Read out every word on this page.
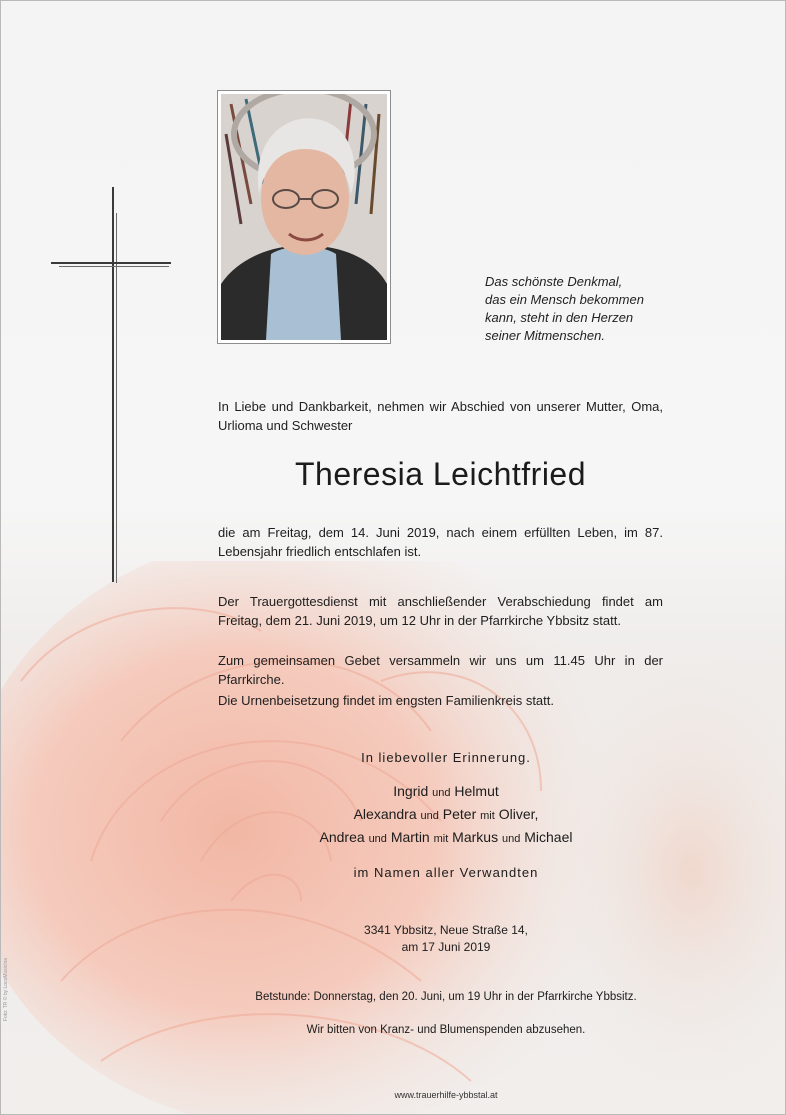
Das schönste Denkmal,
das ein Mensch bekommen
kann, steht in den Herzen
seiner Mitmenschen.
In Liebe und Dankbarkeit, nehmen wir Abschied von unserer Mutter, Oma, Urlioma und Schwester
Theresia Leichtfried
die am Freitag, dem 14. Juni 2019, nach einem erfüllten Leben, im 87. Lebensjahr friedlich entschlafen ist.
Der Trauergottesdienst mit anschließender Verabschiedung findet am Freitag, dem 21. Juni 2019, um 12 Uhr in der Pfarrkirche Ybbsitz statt.
Zum gemeinsamen Gebet versammeln wir uns um 11.45 Uhr in der Pfarrkirche.
Die Urnenbeisetzung findet im engsten Familienkreis statt.
In liebevoller Erinnerung.
Ingrid und Helmut
Alexandra und Peter mit Oliver,
Andrea und Martin mit Markus und Michael
im Namen aller Verwandten
3341 Ybbsitz, Neue Straße 14,
am 17 Juni 2019
Betstunde: Donnerstag, den 20. Juni, um 19 Uhr in der Pfarrkirche Ybbsitz.
Wir bitten von Kranz- und Blumenspenden abzusehen.
www.trauerhilfe-ybbstal.at
Foto: TR © by LocoMusicina
